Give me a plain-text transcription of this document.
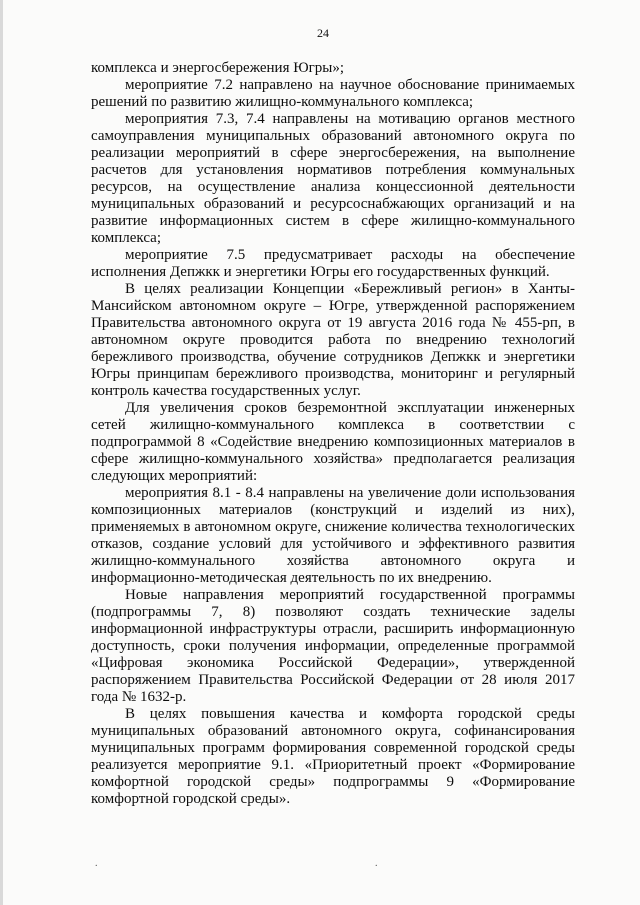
24

комплекса и энергосбережения Югры»;

мероприятие 7.2 направлено на научное обоснование принимаемых решений по развитию жилищно-коммунального комплекса;

мероприятия 7.3, 7.4 направлены на мотивацию органов местного самоуправления муниципальных образований автономного округа по реализации мероприятий в сфере энергосбережения, на выполнение расчетов для установления нормативов потребления коммунальных ресурсов, на осуществление анализа концессионной деятельности муниципальных образований и ресурсоснабжающих организаций и на развитие информационных систем в сфере жилищно-коммунального комплекса;

мероприятие 7.5 предусматривает расходы на обеспечение исполнения Депжкк и энергетики Югры его государственных функций.

В целях реализации Концепции «Бережливый регион» в Ханты-Мансийском автономном округе – Югре, утвержденной распоряжением Правительства автономного округа от 19 августа 2016 года № 455-рп, в автономном округе проводится работа по внедрению технологий бережливого производства, обучение сотрудников Депжкк и энергетики Югры принципам бережливого производства, мониторинг и регулярный контроль качества государственных услуг.

Для увеличения сроков безремонтной эксплуатации инженерных сетей жилищно-коммунального комплекса в соответствии с подпрограммой 8 «Содействие внедрению композиционных материалов в сфере жилищно-коммунального хозяйства» предполагается реализация следующих мероприятий:

мероприятия 8.1 - 8.4 направлены на увеличение доли использования композиционных материалов (конструкций и изделий из них), применяемых в автономном округе, снижение количества технологических отказов, создание условий для устойчивого и эффективного развития жилищно-коммунального хозяйства автономного округа и информационно-методическая деятельность по их внедрению.

Новые направления мероприятий государственной программы (подпрограммы 7, 8) позволяют создать технические заделы информационной инфраструктуры отрасли, расширить информационную доступность, сроки получения информации, определенные программой «Цифровая экономика Российской Федерации», утвержденной распоряжением Правительства Российской Федерации от 28 июля 2017 года № 1632-р.

В целях повышения качества и комфорта городской среды муниципальных образований автономного округа, софинансирования муниципальных программ формирования современной городской среды реализуется мероприятие 9.1. «Приоритетный проект «Формирование комфортной городской среды» подпрограммы 9 «Формирование комфортной городской среды».

.	.
